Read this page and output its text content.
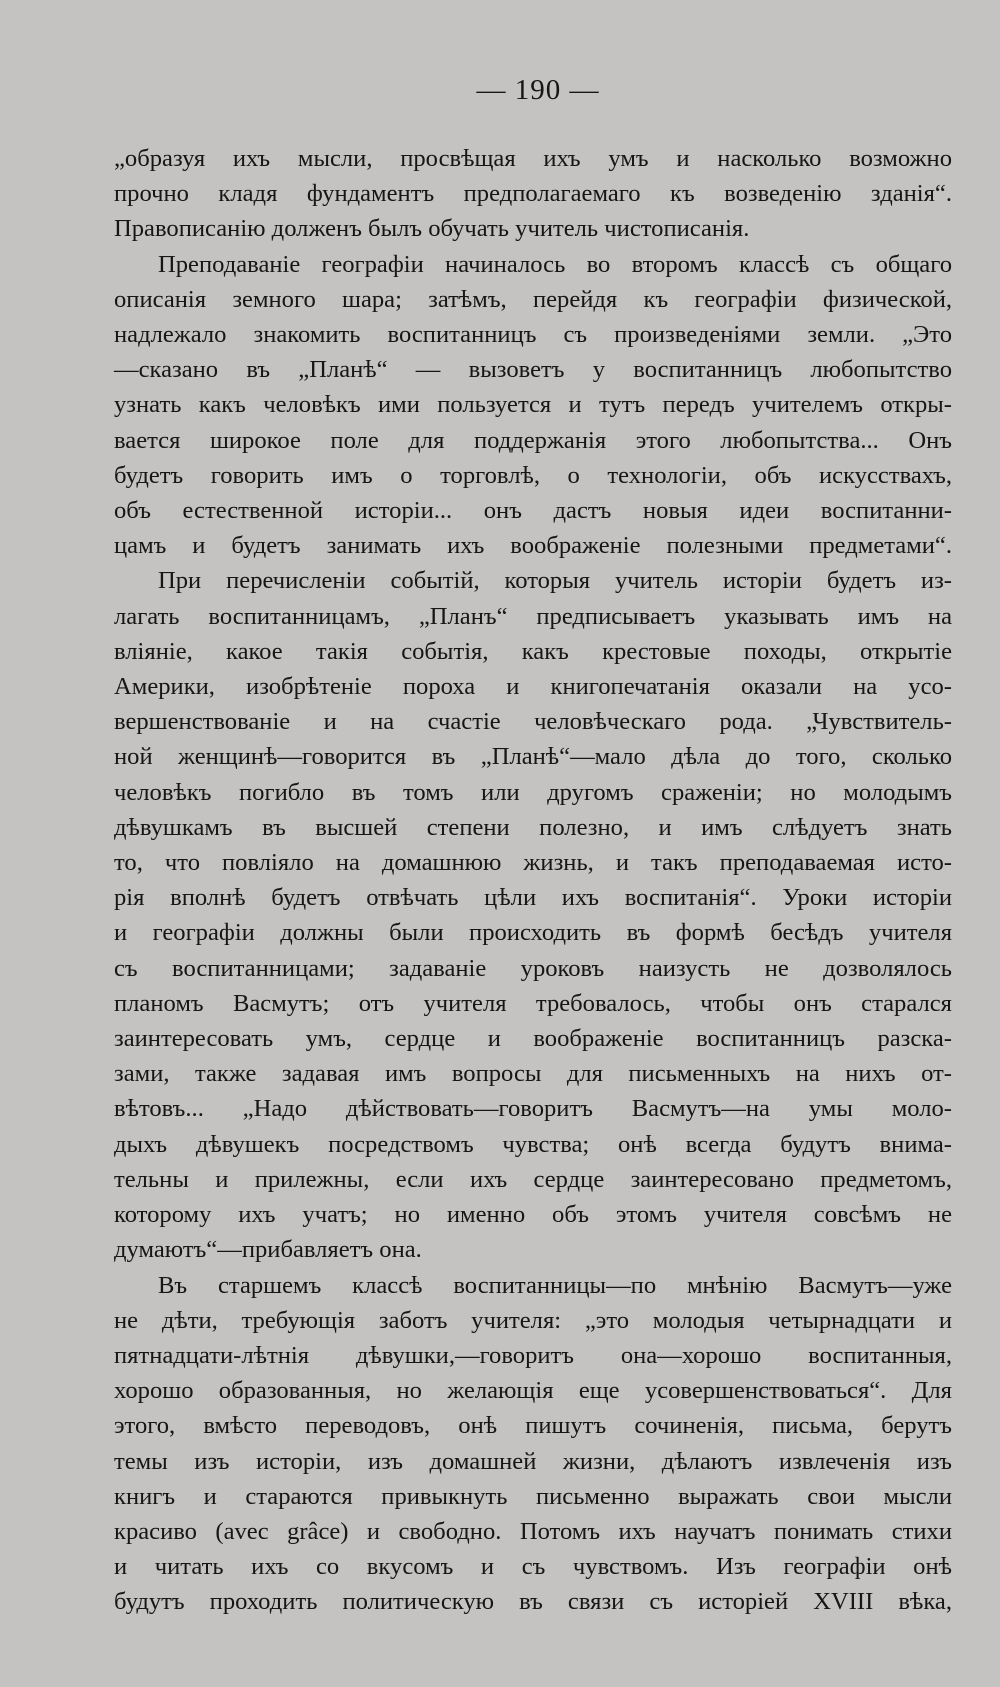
— 190 —

„образуя ихъ мысли, просвѣщая ихъ умъ и насколько возможно
прочно кладя фундаментъ предполагаемаго къ возведенію зданія“.
Правописанію долженъ былъ обучать учитель чистописанія.

Преподаваніе географіи начиналось во второмъ классѣ съ общаго
описанія земного шара; затѣмъ, перейдя къ географіи физической,
надлежало знакомить воспитанницъ съ произведеніями земли. „Это
—сказано въ „Планѣ“ — вызоветъ у воспитанницъ любопытство
узнать какъ человѣкъ ими пользуется и тутъ передъ учителемъ откры-
вается широкое поле для поддержанія этого любопытства... Онъ
будетъ говорить имъ о торговлѣ, о технологіи, объ искусствахъ,
объ естественной исторіи... онъ дастъ новыя идеи воспитанни-
цамъ и будетъ занимать ихъ воображеніе полезными предметами“.

При перечисленіи событій, которыя учитель исторіи будетъ из-
лагать воспитанницамъ, „Планъ“ предписываетъ указывать имъ на
вліяніе, какое такія событія, какъ крестовые походы, открытіе
Америки, изобрѣтеніе пороха и книгопечатанія оказали на усо-
вершенствованіе и на счастіе человѣческаго рода. „Чувствитель-
ной женщинѣ—говорится въ „Планѣ“—мало дѣла до того, сколько
человѣкъ погибло въ томъ или другомъ сраженіи; но молодымъ
дѣвушкамъ въ высшей степени полезно, и имъ слѣдуетъ знать
то, что повліяло на домашнюю жизнь, и такъ преподаваемая исто-
рія вполнѣ будетъ отвѣчать цѣли ихъ воспитанія“. Уроки исторіи
и географіи должны были происходить въ формѣ бесѣдъ учителя
съ воспитанницами; задаваніе уроковъ наизусть не дозволялось
планомъ Васмутъ; отъ учителя требовалось, чтобы онъ старался
заинтересовать умъ, сердце и воображеніе воспитанницъ разска-
зами, также задавая имъ вопросы для письменныхъ на нихъ от-
вѣтовъ... „Надо дѣйствовать—говоритъ Васмутъ—на умы моло-
дыхъ дѣвушекъ посредствомъ чувства; онѣ всегда будутъ внима-
тельны и прилежны, если ихъ сердце заинтересовано предметомъ,
которому ихъ учатъ; но именно объ этомъ учителя совсѣмъ не
думаютъ“—прибавляетъ она.

Въ старшемъ классѣ воспитанницы—по мнѣнію Васмутъ—уже
не дѣти, требующія заботъ учителя: „это молодыя четырнадцати и
пятнадцати-лѣтнія дѣвушки,—говоритъ она—хорошо воспитанныя,
хорошо образованныя, но желающія еще усовершенствоваться“. Для
этого, вмѣсто переводовъ, онѣ пишутъ сочиненія, письма, берутъ
темы изъ исторіи, изъ домашней жизни, дѣлаютъ извлеченія изъ
книгъ и стараются привыкнуть письменно выражать свои мысли
красиво (avec grâce) и свободно. Потомъ ихъ научатъ понимать стихи
и читать ихъ со вкусомъ и съ чувствомъ. Изъ географіи онѣ
будутъ проходить политическую въ связи съ исторіей XVIII вѣка,
